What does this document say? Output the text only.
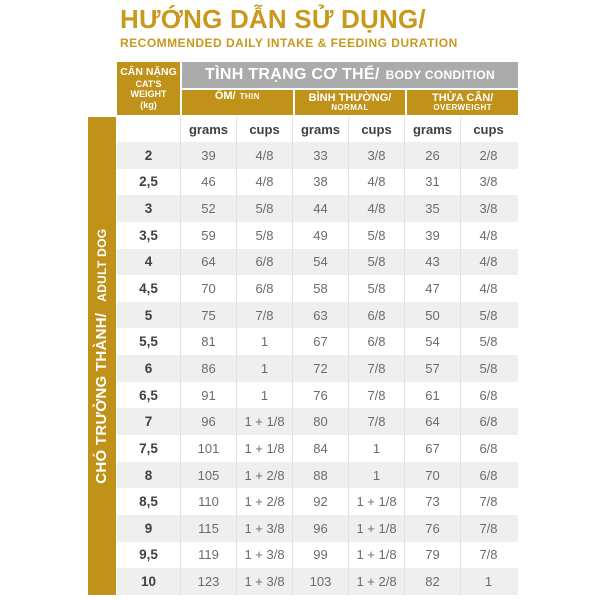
HƯỚNG DẪN SỬ DỤNG/
RECOMMENDED DAILY INTAKE & FEEDING DURATION
CÂN NẶNG
CAT'S
WEIGHT
(kg)
TÌNH TRẠNG CƠ THỂ/ BODY CONDITION
ỐM/ THIN	BÌNH THƯỜNG/
NORMAL
THỪA CÂN/
OVERWEIGHT
grams	cups	grams	cups	grams	cups
CHÓ TRƯỞNG THÀNH/ ADULT DOG
2	39	4/8	33	3/8	26	2/8
2,5	46	4/8	38	4/8	31	3/8
3	52	5/8	44	4/8	35	3/8
3,5	59	5/8	49	5/8	39	4/8
4	64	6/8	54	5/8	43	4/8
4,5	70	6/8	58	5/8	47	4/8
5	75	7/8	63	6/8	50	5/8
5,5	81	1	67	6/8	54	5/8
6	86	1	72	7/8	57	5/8
6,5	91	1	76	7/8	61	6/8
7	96	1 + 1/8	80	7/8	64	6/8
7,5	101	1 + 1/8	84	1	67	6/8
8	105	1 + 2/8	88	1	70	6/8
8,5	110	1 + 2/8	92	1 + 1/8	73	7/8
9	115	1 + 3/8	96	1 + 1/8	76	7/8
9,5	119	1 + 3/8	99	1 + 1/8	79	7/8
10	123	1 + 3/8	103	1 + 2/8	82	1
